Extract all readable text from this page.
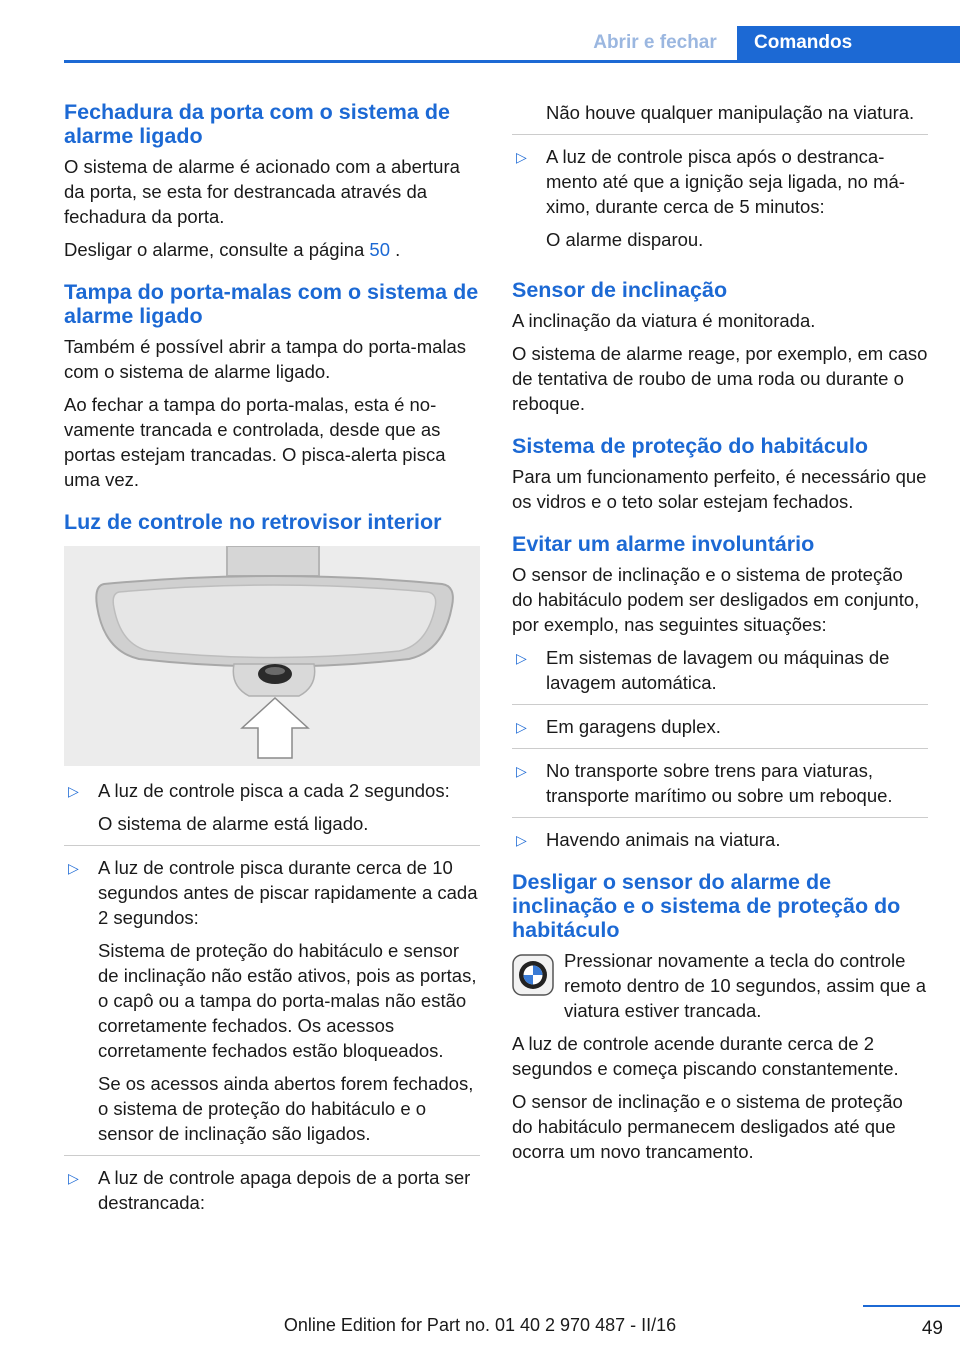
Abrir e fechar	Comandos
Fechadura da porta com o sistema de alarme ligado

O sistema de alarme é acionado com a abertura da porta, se esta for destrancada através da fechadura da porta.

Desligar o alarme, consulte a página 50 .

Tampa do porta-malas com o sistema de alarme ligado

Também é possível abrir a tampa do porta-malas com o sistema de alarme ligado.

Ao fechar a tampa do porta-malas, esta é novamente trancada e controlada, desde que as portas estejam trancadas. O pisca-alerta pisca uma vez.

Luz de controle no retrovisor interior
▷ A luz de controle pisca a cada 2 segundos:

O sistema de alarme está ligado.

▷ A luz de controle pisca durante cerca de 10 segundos antes de piscar rapidamente a cada 2 segundos:

Sistema de proteção do habitáculo e sensor de inclinação não estão ativos, pois as portas, o capô ou a tampa do porta-malas não estão corretamente fechados. Os acessos corretamente fechados estão bloqueados.

Se os acessos ainda abertos forem fechados, o sistema de proteção do habitáculo e o sensor de inclinação são ligados.

▷ A luz de controle apaga depois de a porta ser destrancada:

Não houve qualquer manipulação na viatura.

▷ A luz de controle pisca após o destrancamento até que a ignição seja ligada, no máximo, durante cerca de 5 minutos:

O alarme disparou.

Sensor de inclinação

A inclinação da viatura é monitorada.

O sistema de alarme reage, por exemplo, em caso de tentativa de roubo de uma roda ou durante o reboque.

Sistema de proteção do habitáculo

Para um funcionamento perfeito, é necessário que os vidros e o teto solar estejam fechados.

Evitar um alarme involuntário

O sensor de inclinação e o sistema de proteção do habitáculo podem ser desligados em conjunto, por exemplo, nas seguintes situações:

▷ Em sistemas de lavagem ou máquinas de lavagem automática.

▷ Em garagens duplex.

▷ No transporte sobre trens para viaturas, transporte marítimo ou sobre um reboque.

▷ Havendo animais na viatura.

Desligar o sensor do alarme de inclinação e o sistema de proteção do habitáculo

Pressionar novamente a tecla do controle remoto dentro de 10 segundos, assim que a viatura estiver trancada.

A luz de controle acende durante cerca de 2 segundos e começa piscando constantemente.

O sensor de inclinação e o sistema de proteção do habitáculo permanecem desligados até que ocorra um novo trancamento.

49
Online Edition for Part no. 01 40 2 970 487 - II/16
